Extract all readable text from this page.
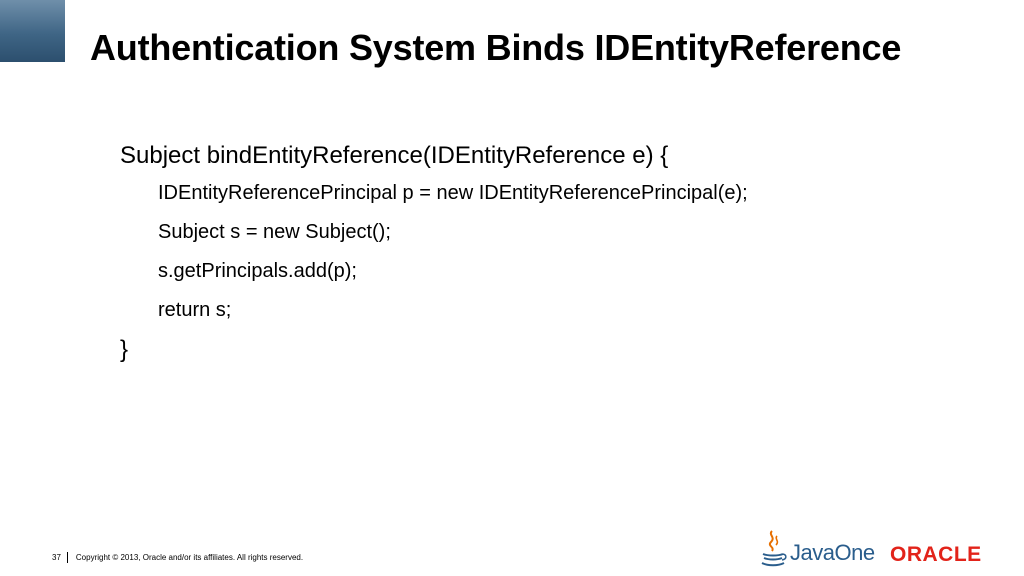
Authentication System Binds IDEntityReference
Subject bindEntityReference(IDEntityReference e) {
IDEntityReferencePrincipal p = new IDEntityReferencePrincipal(e);
Subject s = new Subject();
s.getPrincipals.add(p);
return s;
}
37 Copyright © 2013, Oracle and/or its affiliates. All rights reserved.	JavaOne ORACLE
